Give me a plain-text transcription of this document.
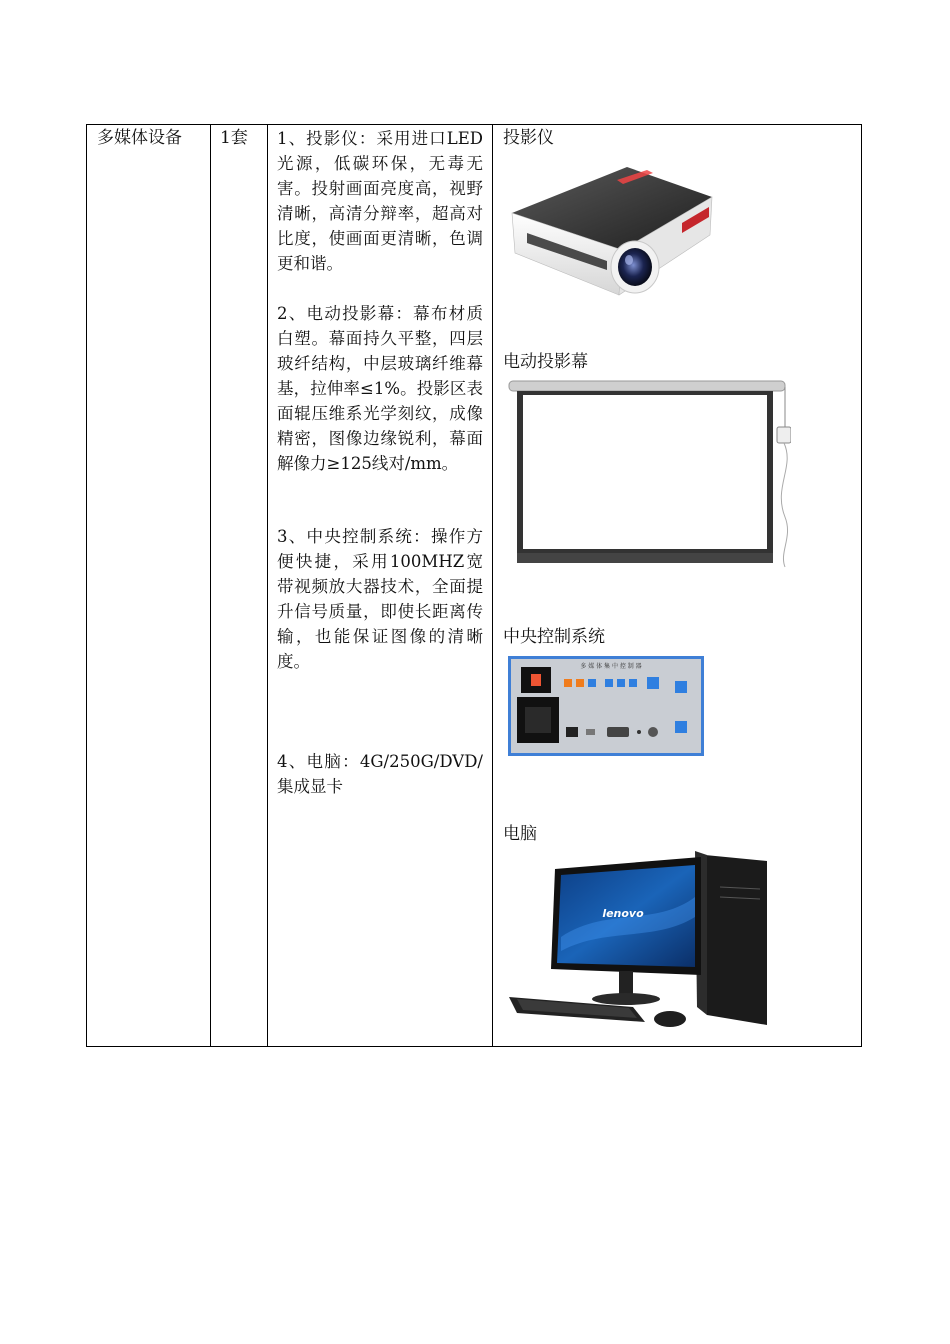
多媒体设备 1套 1、投影仪：采用进口LED光源，低碳环保，无毒无害。投射画面亮度高，视野清晰，高清分辩率，超高对比度，使画面更清晰，色调更和谐。
2、电动投影幕：幕布材质白塑。幕面持久平整，四层玻纤结构，中层玻璃纤维幕基，拉伸率≤1%。投影区表面辊压维系光学刻纹，成像精密，图像边缘锐利，幕面解像力≥125线对/mm。
3、中央控制系统：操作方便快捷，采用100MHZ宽带视频放大器技术，全面提升信号质量，即使长距离传输，也能保证图像的清晰度。
4、电脑：4G/250G/DVD/集成显卡
投影仪
电动投影幕
中央控制系统
多 媒 体 集 中 控 制 器
电脑
lenovo
